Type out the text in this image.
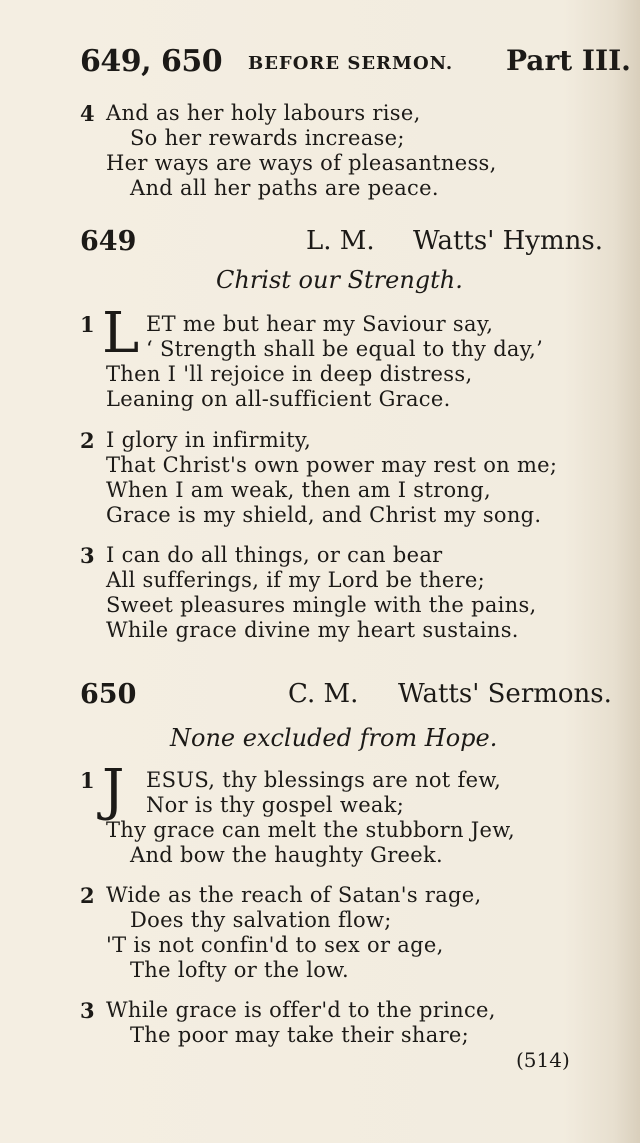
649, 650 BEFORE SERMON. Part III.
4 And as her holy labours rise,
So her rewards increase;
Her ways are ways of pleasantness,
And all her paths are peace.
649	L. M. Watts' Hymns.
Christ our Strength.
1 L ET me but hear my Saviour say,
‘ Strength shall be equal to thy day,’
Then I 'll rejoice in deep distress,
Leaning on all-sufficient Grace.
2 I glory in infirmity,
That Christ's own power may rest on me;
When I am weak, then am I strong,
Grace is my shield, and Christ my song.
3 I can do all things, or can bear
All sufferings, if my Lord be there;
Sweet pleasures mingle with the pains,
While grace divine my heart sustains.
650	C. M. Watts' Sermons.
None excluded from Hope.
1 J ESUS, thy blessings are not few,
Nor is thy gospel weak;
Thy grace can melt the stubborn Jew,
And bow the haughty Greek.
2 Wide as the reach of Satan's rage,
Does thy salvation flow;
'T is not confin'd to sex or age,
The lofty or the low.
3 While grace is offer'd to the prince,
The poor may take their share;
(514)
